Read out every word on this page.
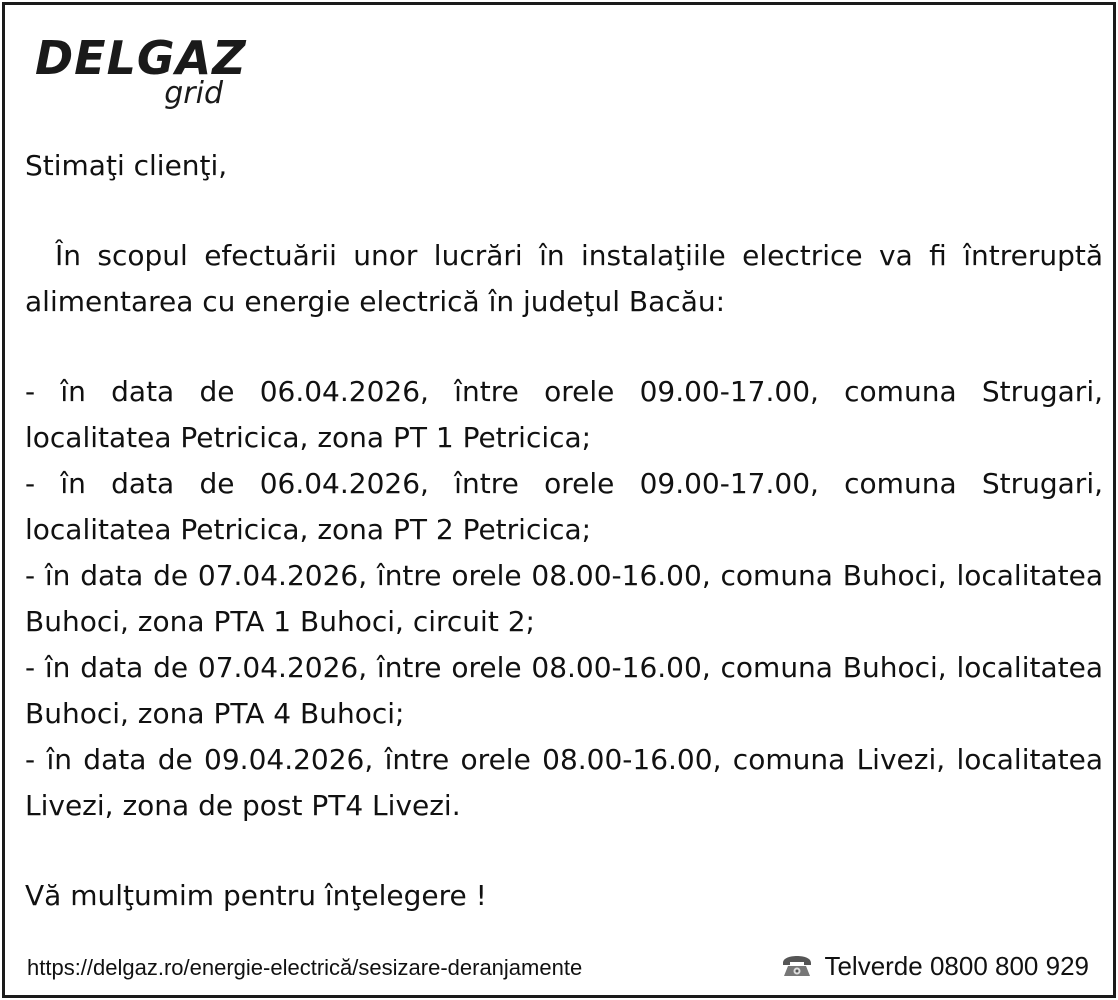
DELGAZ
grid

Stimaţi clienţi,

În scopul efectuării unor lucrări în instalaţiile electrice va fi întreruptă alimentarea cu energie electrică în judeţul Bacău:

- în data de 06.04.2026, între orele 09.00-17.00, comuna Strugari, localitatea Petricica, zona PT 1 Petricica;
- în data de 06.04.2026, între orele 09.00-17.00, comuna Strugari, localitatea Petricica, zona PT 2 Petricica;
- în data de 07.04.2026, între orele 08.00-16.00, comuna Buhoci, localitatea Buhoci, zona PTA 1 Buhoci, circuit 2;
- în data de 07.04.2026, între orele 08.00-16.00, comuna Buhoci, localitatea Buhoci, zona PTA 4 Buhoci;
- în data de 09.04.2026, între orele 08.00-16.00, comuna Livezi, localitatea Livezi, zona de post PT4 Livezi.

Vă mulţumim pentru înţelegere !

https://delgaz.ro/energie-electrică/sesizare-deranjamente	Telverde 0800 800 929
